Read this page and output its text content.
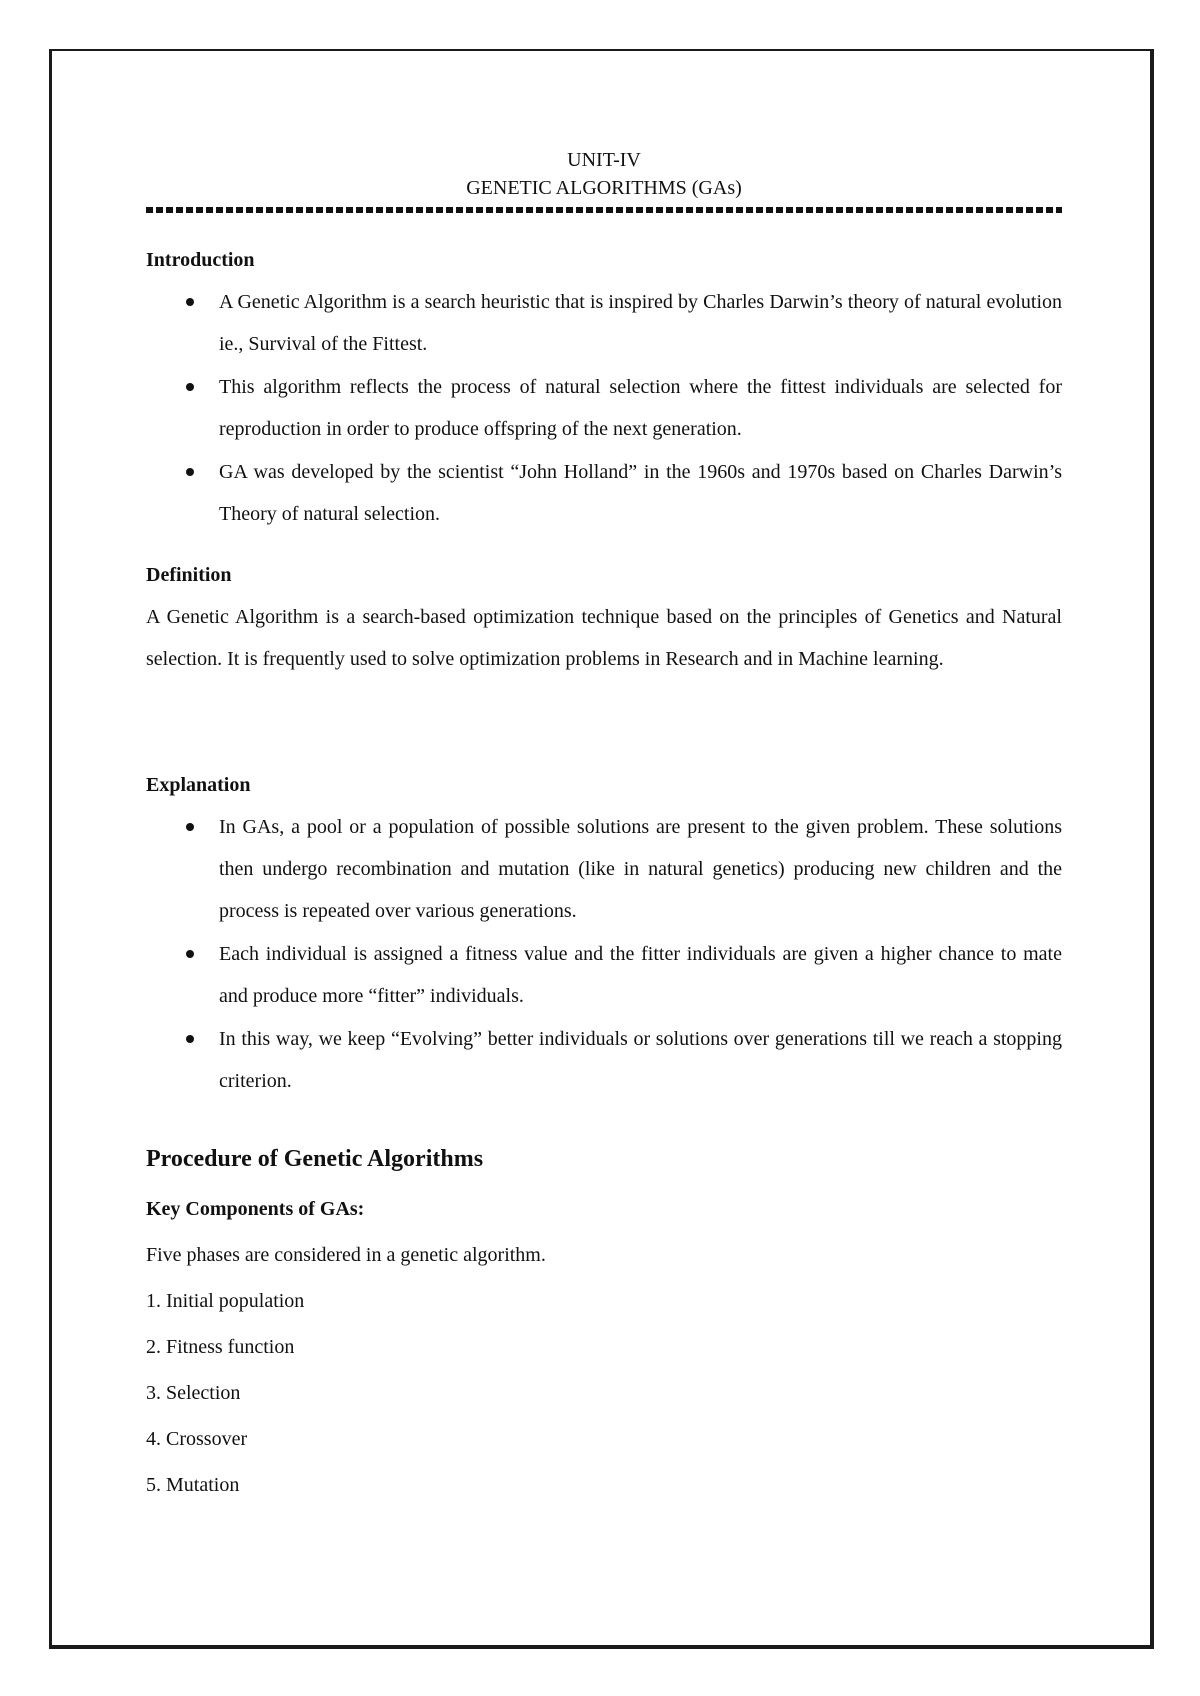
UNIT-IV
GENETIC ALGORITHMS (GAs)
Introduction
A Genetic Algorithm is a search heuristic that is inspired by Charles Darwin’s theory of natural evolution ie., Survival of the Fittest.
This algorithm reflects the process of natural selection where the fittest individuals are selected for reproduction in order to produce offspring of the next generation.
GA was developed by the scientist “John Holland” in the 1960s and 1970s based on Charles Darwin’s Theory of natural selection.
Definition
A Genetic Algorithm is a search-based optimization technique based on the principles of Genetics and Natural selection. It is frequently used to solve optimization problems in Research and in Machine learning.
Explanation
In GAs, a pool or a population of possible solutions are present to the given problem. These solutions then undergo recombination and mutation (like in natural genetics) producing new children and the process is repeated over various generations.
Each individual is assigned a fitness value and the fitter individuals are given a higher chance to mate and produce more “fitter” individuals.
In this way, we keep “Evolving” better individuals or solutions over generations till we reach a stopping criterion.
Procedure of Genetic Algorithms
Key Components of GAs:
Five phases are considered in a genetic algorithm.
1. Initial population
2. Fitness function
3. Selection
4. Crossover
5. Mutation
